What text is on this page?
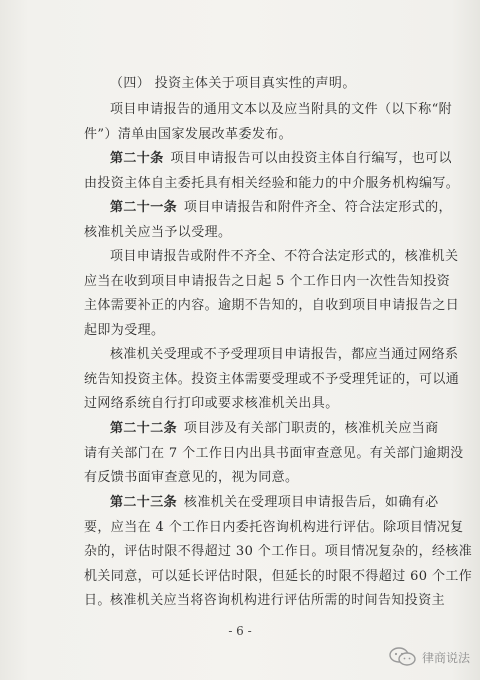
（四） 投资主体关于项目真实性的声明。
项目申请报告的通用文本以及应当附具的文件（以下称“附
件”）清单由国家发展改革委发布。
第二十条  项目申请报告可以由投资主体自行编写，也可以
由投资主体自主委托具有相关经验和能力的中介服务机构编写。
第二十一条  项目申请报告和附件齐全、符合法定形式的，
核准机关应当予以受理。
项目申请报告或附件不齐全、不符合法定形式的，核准机关
应当在收到项目申请报告之日起 5 个工作日内一次性告知投资
主体需要补正的内容。逾期不告知的，自收到项目申请报告之日
起即为受理。
核准机关受理或不予受理项目申请报告，都应当通过网络系
统告知投资主体。投资主体需要受理或不予受理凭证的，可以通
过网络系统自行打印或要求核准机关出具。
第二十二条  项目涉及有关部门职责的，核准机关应当商
请有关部门在 7 个工作日内出具书面审查意见。有关部门逾期没
有反馈书面审查意见的，视为同意。
第二十三条  核准机关在受理项目申请报告后，如确有必
要，应当在 4 个工作日内委托咨询机构进行评估。除项目情况复
杂的，评估时限不得超过 30 个工作日。项目情况复杂的，经核准
机关同意，可以延长评估时限，但延长的时限不得超过 60 个工作
日。 核准机关应当将咨询机构进行评估所需的时间告知投资主
- 6 -
律商说法
